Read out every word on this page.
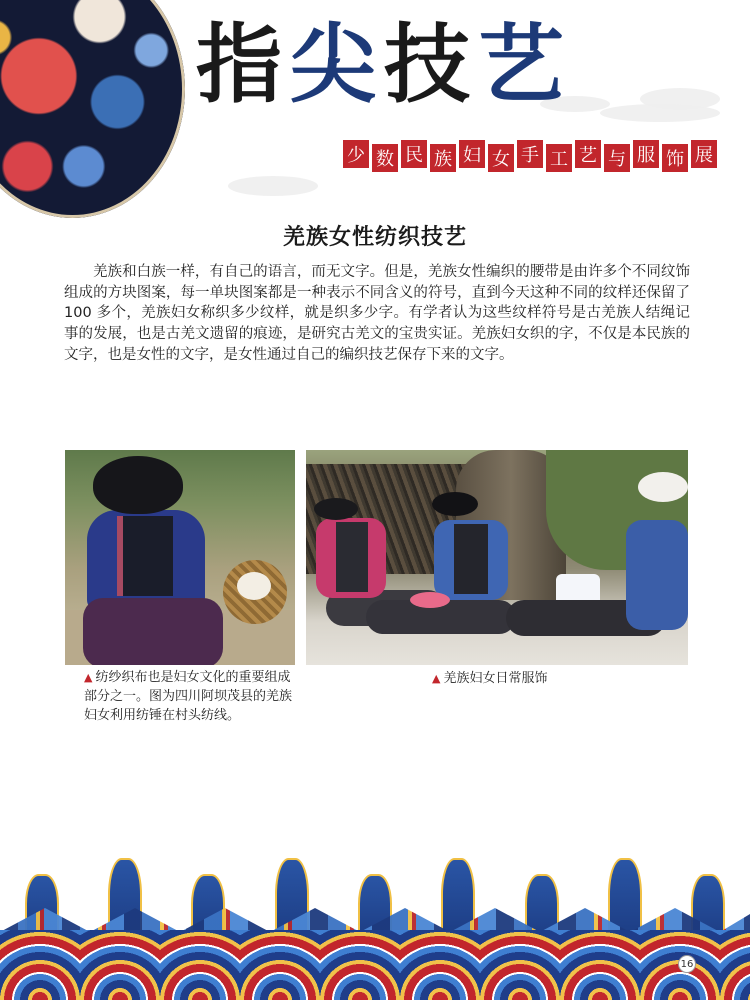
指 尖 技 艺
少 数 民 族 妇 女 手 工 艺 与 服 饰 展
羌族女性纺织技艺

羌族和白族一样，有自己的语言，而无文字。但是，羌族女性编织的腰带是由许多个不同纹饰组成的方块图案，每一单块图案都是一种表示不同含义的符号，直到今天这种不同的纹样还保留了 100 多个，羌族妇女称织多少纹样，就是织多少字。有学者认为这些纹样符号是古羌族人结绳记事的发展，也是古羌文遗留的痕迹，是研究古羌文的宝贵实证。羌族妇女织的字，不仅是本民族的文字，也是女性的文字，是女性通过自己的编织技艺保存下来的文字。

▲ 纺纱织布也是妇女文化的重要组成部分之一。图为四川阿坝茂县的羌族妇女利用纺锤在村头纺线。
▲ 羌族妇女日常服饰
16
